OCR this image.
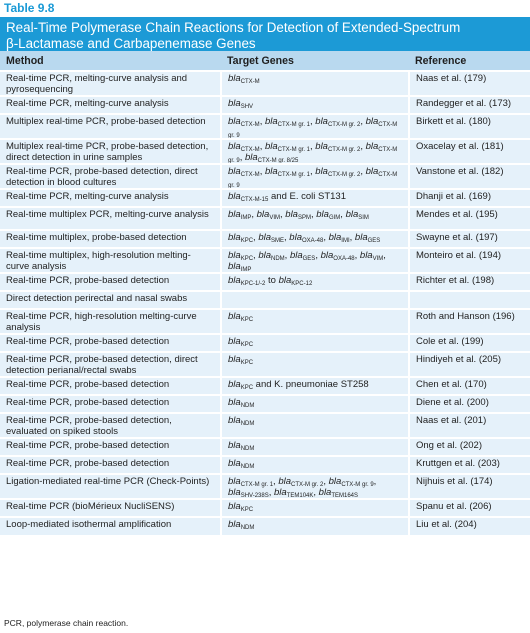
Table 9.8
Real-Time Polymerase Chain Reactions for Detection of Extended-Spectrum
β-Lactamase and Carbapenemase Genes
Method	Target Genes	Reference
Real-time PCR, melting-curve analysis and pyrosequencing	bla$_{CTX-M}$	Naas et al. (179)
Real-time PCR, melting-curve analysis	bla$_{SHV}$	Randegger et al. (173)
Multiplex real-time PCR, probe-based detection	bla$_{CTX-M}$, bla$_{CTX-M gr. 1}$, bla$_{CTX-M gr. 2}$, bla$_{CTX-M gr. 9}$	Birkett et al. (180)
Multiplex real-time PCR, probe-based detection, direct detection in urine samples	bla$_{CTX-M}$, bla$_{CTX-M gr. 1}$, bla$_{CTX-M gr. 2}$, bla$_{CTX-M gr. 9}$, bla$_{CTX-M gr. 8/25}$	Oxacelay et al. (181)
Real-time PCR, probe-based detection, direct detection in blood cultures	bla$_{CTX-M}$, bla$_{CTX-M gr. 1}$, bla$_{CTX-M gr. 2}$, bla$_{CTX-M gr. 9}$	Vanstone et al. (182)
Real-time PCR, melting-curve analysis	bla$_{CTX-M-15}$ and E. coli ST131	Dhanji et al. (169)
Real-time multiplex PCR, melting-curve analysis	bla$_{IMP}$, bla$_{VIM}$, bla$_{SPM}$, bla$_{GIM}$, bla$_{SIM}$	Mendes et al. (195)
Real-time multiplex, probe-based detection	bla$_{KPC}$, bla$_{SME}$, bla$_{OXA-48}$, bla$_{IMI}$, bla$_{GES}$	Swayne et al. (197)
Real-time multiplex, high-resolution melting-curve analysis	bla$_{KPC}$, bla$_{NDM}$, bla$_{GES}$, bla$_{OXA-48}$, bla$_{VIM}$, bla$_{IMP}$	Monteiro et al. (194)
Real-time PCR, probe-based detection	bla$_{KPC-1/-2}$ to bla$_{KPC-12}$	Richter et al. (198)
Direct detection perirectal and nasal swabs		
Real-time PCR, high-resolution melting-curve analysis	bla$_{KPC}$	Roth and Hanson (196)
Real-time PCR, probe-based detection	bla$_{KPC}$	Cole et al. (199)
Real-time PCR, probe-based detection, direct detection perianal/rectal swabs	bla$_{KPC}$	Hindiyeh et al. (205)
Real-time PCR, probe-based detection	bla$_{KPC}$ and K. pneumoniae ST258	Chen et al. (170)
Real-time PCR, probe-based detection	bla$_{NDM}$	Diene et al. (200)
Real-time PCR, probe-based detection, evaluated on spiked stools	bla$_{NDM}$	Naas et al. (201)
Real-time PCR, probe-based detection	bla$_{NDM}$	Ong et al. (202)
Real-time PCR, probe-based detection	bla$_{NDM}$	Kruttgen et al. (203)
Ligation-mediated real-time PCR (Check-Points)	bla$_{CTX-M gr. 1}$, bla$_{CTX-M gr. 2}$, bla$_{CTX-M gr. 9}$, bla$_{SHV-238S}$, bla$_{TEM104K}$, bla$_{TEM164S}$	Nijhuis et al. (174)
Real-time PCR (bioMérieux NucliSENS)	bla$_{KPC}$	Spanu et al. (206)
Loop-mediated isothermal amplification	bla$_{NDM}$	Liu et al. (204)
PCR, polymerase chain reaction.
